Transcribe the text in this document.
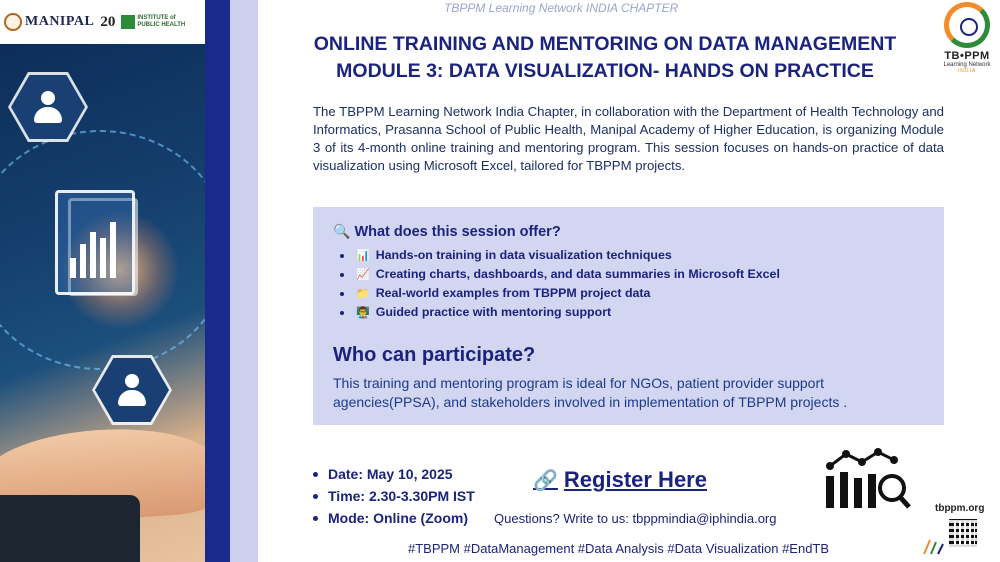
MANIPAL 20	INSTITUTE of
PUBLIC HEALTH
TBPPM Learning Network INDIA CHAPTER
ONLINE TRAINING AND MENTORING ON DATA MANAGEMENT
MODULE 3: DATA VISUALIZATION- HANDS ON PRACTICE
TB•PPM
Learning Network
INDIA
The TBPPM Learning Network India Chapter, in collaboration with the Department of Health Technology and Informatics, Prasanna School of Public Health, Manipal Academy of Higher Education, is organizing Module 3 of its 4-month online training and mentoring program. This session focuses on hands-on practice of data visualization using Microsoft Excel, tailored for TBPPM projects.
🔍 What does this session offer?
📊 Hands-on training in data visualization techniques
📈 Creating charts, dashboards, and data summaries in Microsoft Excel
📁 Real-world examples from TBPPM project data
👨‍🏫 Guided practice with mentoring support
Who can participate?
This training and mentoring program is ideal for NGOs, patient provider support agencies(PPSA), and stakeholders involved in implementation of TBPPM projects .
Date: May 10, 2025
Time: 2.30-3.30PM IST
Mode: Online (Zoom)
🔗 Register Here
Questions? Write to us: tbppmindia@iphindia.org
tbppm.org
#TBPPM #DataManagement #Data Analysis #Data Visualization #EndTB
